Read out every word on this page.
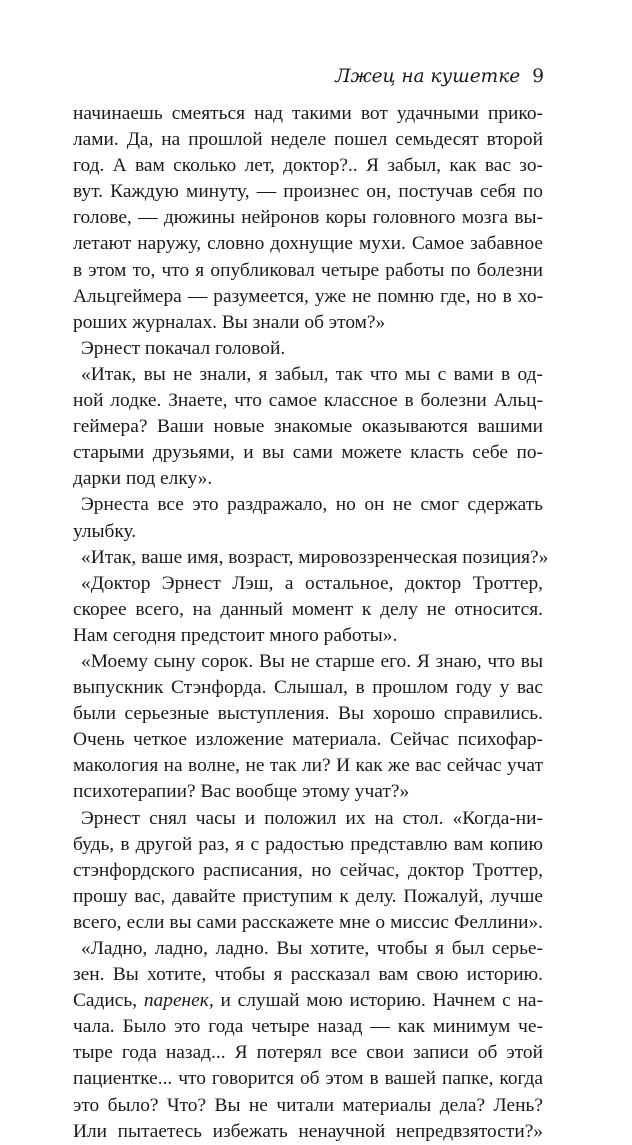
Лжец на кушетке 9
начинаешь смеяться над такими вот удачными прико-
лами. Да, на прошлой неделе пошел семьдесят второй
год. А вам сколько лет, доктор?.. Я забыл, как вас зо-
вут. Каждую минуту, — произнес он, постучав себя по
голове, — дюжины нейронов коры головного мозга вы-
летают наружу, словно дохнущие мухи. Самое забавное
в этом то, что я опубликовал четыре работы по болезни
Альцгеймера — разумеется, уже не помню где, но в хо-
роших журналах. Вы знали об этом?»
Эрнест покачал головой.
«Итак, вы не знали, я забыл, так что мы с вами в од-
ной лодке. Знаете, что самое классное в болезни Альц-
геймера? Ваши новые знакомые оказываются вашими
старыми друзьями, и вы сами можете класть себе по-
дарки под елку».
Эрнеста все это раздражало, но он не смог сдержать
улыбку.
«Итак, ваше имя, возраст, мировоззренческая позиция?»
«Доктор Эрнест Лэш, а остальное, доктор Троттер,
скорее всего, на данный момент к делу не относится.
Нам сегодня предстоит много работы».
«Моему сыну сорок. Вы не старше его. Я знаю, что вы
выпускник Стэнфорда. Слышал, в прошлом году у вас
были серьезные выступления. Вы хорошо справились.
Очень четкое изложение материала. Сейчас психофар-
макология на волне, не так ли? И как же вас сейчас учат
психотерапии? Вас вообще этому учат?»
Эрнест снял часы и положил их на стол. «Когда-ни-
будь, в другой раз, я с радостью представлю вам копию
стэнфордского расписания, но сейчас, доктор Троттер,
прошу вас, давайте приступим к делу. Пожалуй, лучше
всего, если вы сами расскажете мне о миссис Феллини».
«Ладно, ладно, ладно. Вы хотите, чтобы я был серье-
зен. Вы хотите, чтобы я рассказал вам свою историю.
Садись, паренек, и слушай мою историю. Начнем с на-
чала. Было это года четыре назад — как минимум че-
тыре года назад... Я потерял все свои записи об этой
пациентке... что говорится об этом в вашей папке, когда
это было? Что? Вы не читали материалы дела? Лень?
Или пытаетесь избежать ненаучной непредвзятости?»
